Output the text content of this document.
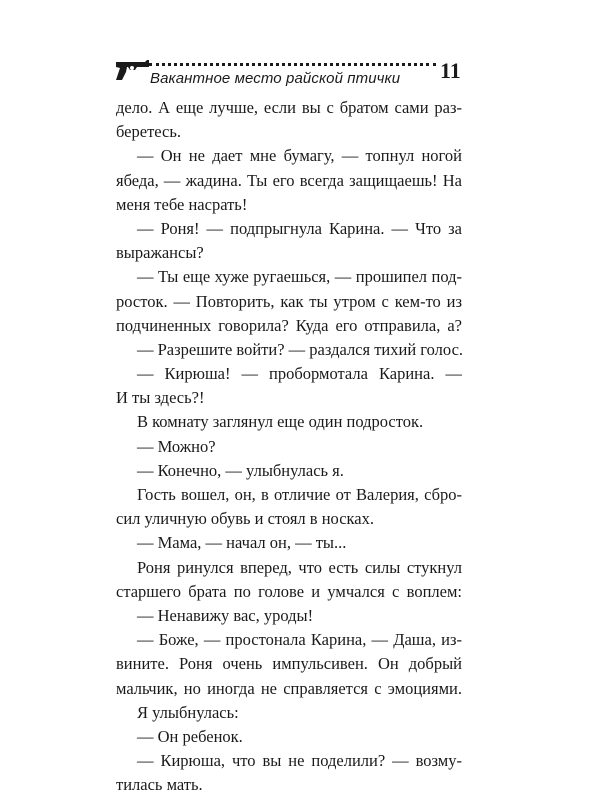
Вакантное место райской птички 11
дело. А еще лучше, если вы с братом сами раз-
беретесь.
— Он не дает мне бумагу, — топнул ногой
ябеда, — жадина. Ты его всегда защищаешь! На
меня тебе насрать!
— Роня! — подпрыгнула Карина. — Что за
выражансы?
— Ты еще хуже ругаешься, — прошипел под-
росток. — Повторить, как ты утром с кем-то из
подчиненных говорила? Куда его отправила, а?
— Разрешите войти? — раздался тихий голос.
— Кирюша! — пробормотала Карина. —
И ты здесь?!
В комнату заглянул еще один подросток.
— Можно?
— Конечно, — улыбнулась я.
Гость вошел, он, в отличие от Валерия, сбро-
сил уличную обувь и стоял в носках.
— Мама, — начал он, — ты...
Роня ринулся вперед, что есть силы стукнул
старшего брата по голове и умчался с воплем:
— Ненавижу вас, уроды!
— Боже, — простонала Карина, — Даша, из-
вините. Роня очень импульсивен. Он добрый
мальчик, но иногда не справляется с эмоциями.
Я улыбнулась:
— Он ребенок.
— Кирюша, что вы не поделили? — возму-
тилась мать.
